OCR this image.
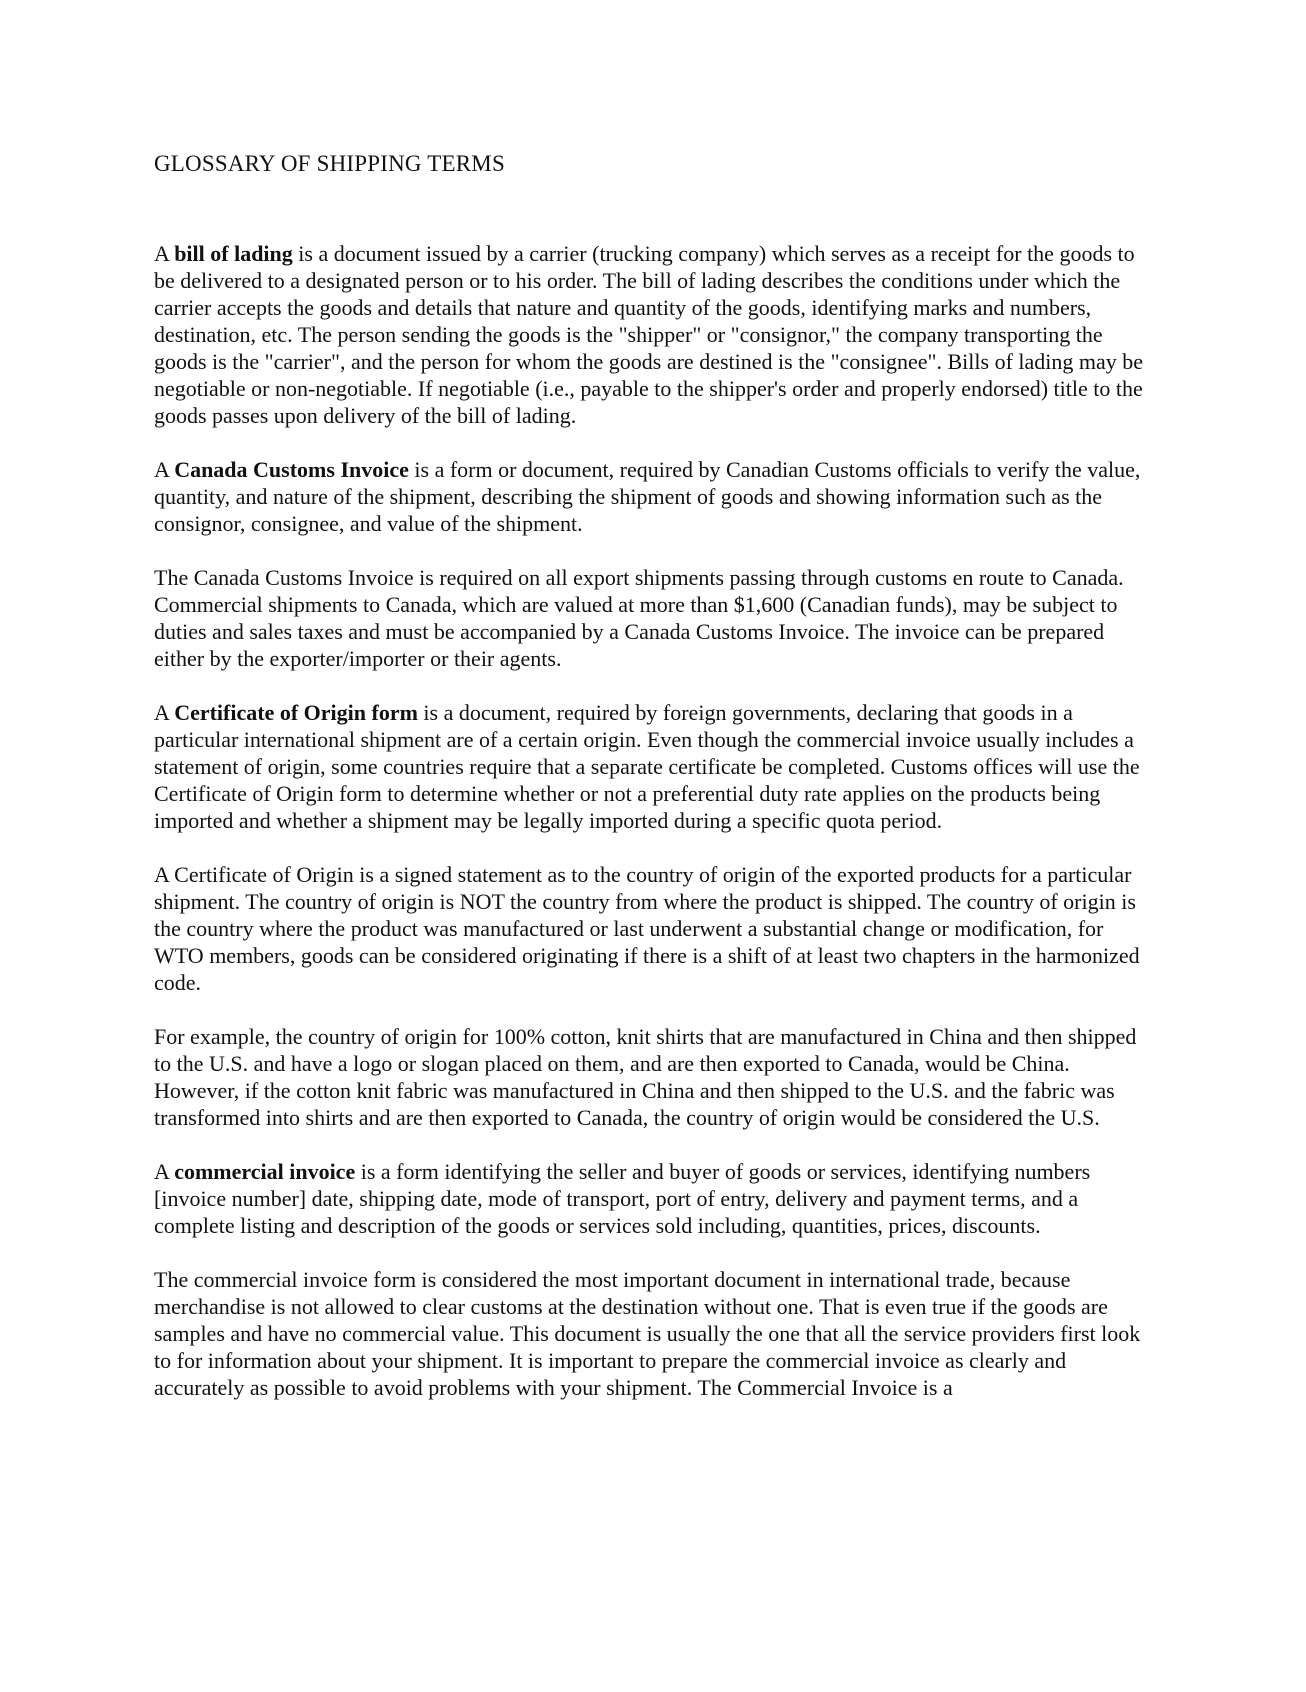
GLOSSARY OF SHIPPING TERMS

A bill of lading is a document issued by a carrier (trucking company) which serves as a receipt for the goods to be delivered to a designated person or to his order. The bill of lading describes the conditions under which the carrier accepts the goods and details that nature and quantity of the goods, identifying marks and numbers, destination, etc. The person sending the goods is the "shipper" or "consignor," the company transporting the goods is the "carrier", and the person for whom the goods are destined is the "consignee". Bills of lading may be negotiable or non-negotiable. If negotiable (i.e., payable to the shipper's order and properly endorsed) title to the goods passes upon delivery of the bill of lading.

A Canada Customs Invoice is a form or document, required by Canadian Customs officials to verify the value, quantity, and nature of the shipment, describing the shipment of goods and showing information such as the consignor, consignee, and value of the shipment.

The Canada Customs Invoice is required on all export shipments passing through customs en route to Canada. Commercial shipments to Canada, which are valued at more than $1,600 (Canadian funds), may be subject to duties and sales taxes and must be accompanied by a Canada Customs Invoice. The invoice can be prepared either by the exporter/importer or their agents.

A Certificate of Origin form is a document, required by foreign governments, declaring that goods in a particular international shipment are of a certain origin. Even though the commercial invoice usually includes a statement of origin, some countries require that a separate certificate be completed. Customs offices will use the Certificate of Origin form to determine whether or not a preferential duty rate applies on the products being imported and whether a shipment may be legally imported during a specific quota period.

A Certificate of Origin is a signed statement as to the country of origin of the exported products for a particular shipment. The country of origin is NOT the country from where the product is shipped. The country of origin is the country where the product was manufactured or last underwent a substantial change or modification, for WTO members, goods can be considered originating if there is a shift of at least two chapters in the harmonized code.

For example, the country of origin for 100% cotton, knit shirts that are manufactured in China and then shipped to the U.S. and have a logo or slogan placed on them, and are then exported to Canada, would be China. However, if the cotton knit fabric was manufactured in China and then shipped to the U.S. and the fabric was transformed into shirts and are then exported to Canada, the country of origin would be considered the U.S.

A commercial invoice is a form identifying the seller and buyer of goods or services, identifying numbers [invoice number] date, shipping date, mode of transport, port of entry, delivery and payment terms, and a complete listing and description of the goods or services sold including, quantities, prices, discounts.

The commercial invoice form is considered the most important document in international trade, because merchandise is not allowed to clear customs at the destination without one. That is even true if the goods are samples and have no commercial value. This document is usually the one that all the service providers first look to for information about your shipment. It is important to prepare the commercial invoice as clearly and accurately as possible to avoid problems with your shipment. The Commercial Invoice is a
